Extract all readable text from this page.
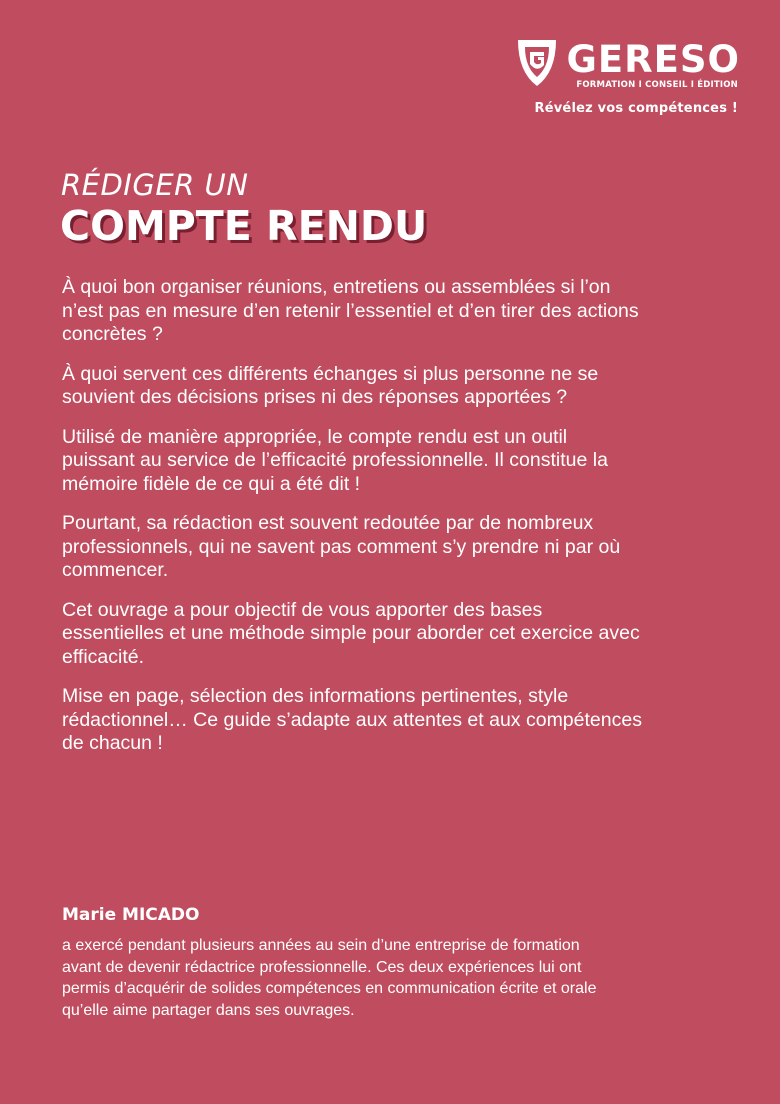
GERESO
FORMATION I CONSEIL I ÉDITION
Révélez vos compétences !
RÉDIGER UN
COMPTE RENDU

À quoi bon organiser réunions, entretiens ou assemblées si l’on n’est pas en mesure d’en retenir l’essentiel et d’en tirer des actions concrètes ?

À quoi servent ces différents échanges si plus personne ne se souvient des décisions prises ni des réponses apportées ?

Utilisé de manière appropriée, le compte rendu est un outil puissant au service de l’efficacité professionnelle. Il constitue la mémoire fidèle de ce qui a été dit !

Pourtant, sa rédaction est souvent redoutée par de nombreux professionnels, qui ne savent pas comment s’y prendre ni par où commencer.

Cet ouvrage a pour objectif de vous apporter des bases essentielles et une méthode simple pour aborder cet exercice avec efficacité.

Mise en page, sélection des informations pertinentes, style rédactionnel… Ce guide s’adapte aux attentes et aux compétences de chacun !

Marie MICADO

a exercé pendant plusieurs années au sein d’une entreprise de formation avant de devenir rédactrice professionnelle. Ces deux expériences lui ont permis d’acquérir de solides compétences en communication écrite et orale qu’elle aime partager dans ses ouvrages.
